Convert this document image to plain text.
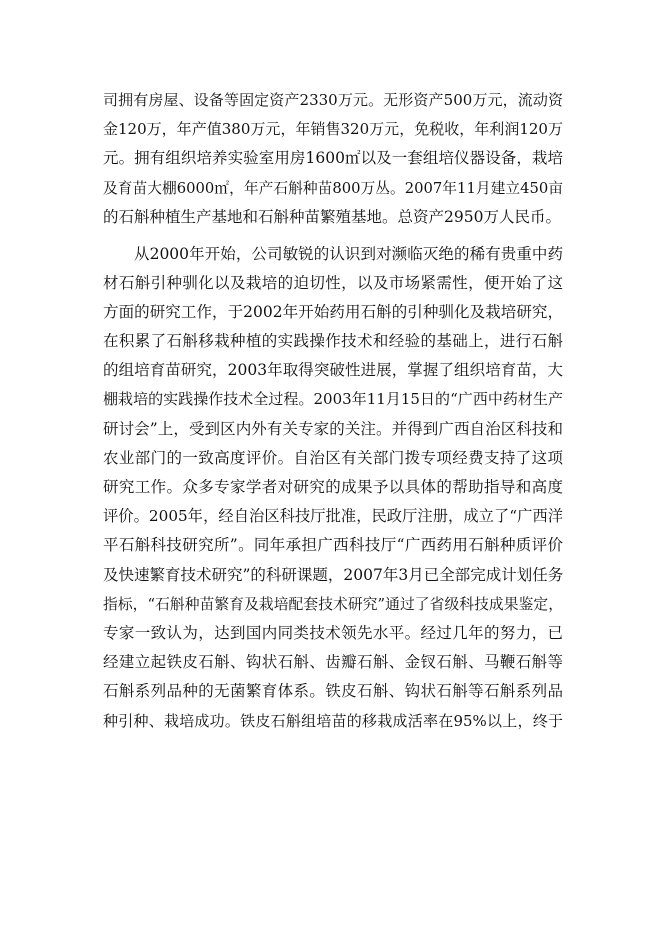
司拥有房屋、设备等固定资产2330万元。无形资产500万元，流动资
金120万，年产值380万元，年销售320万元，免税收，年利润120万
元。拥有组织培养实验室用房1600㎡以及一套组培仪器设备，栽培
及育苗大棚6000㎡，年产石斛种苗800万丛。2007年11月建立450亩
的石斛种植生产基地和石斛种苗繁殖基地。总资产2950万人民币。
从2000年开始，公司敏锐的认识到对濒临灭绝的稀有贵重中药
材石斛引种驯化以及栽培的迫切性，以及市场紧需性，便开始了这
方面的研究工作，于2002年开始药用石斛的引种驯化及栽培研究，
在积累了石斛移栽种植的实践操作技术和经验的基础上，进行石斛
的组培育苗研究，2003年取得突破性进展，掌握了组织培育苗，大
棚栽培的实践操作技术全过程。2003年11月15日的“广西中药材生产
研讨会”上，受到区内外有关专家的关注。并得到广西自治区科技和
农业部门的一致高度评价。自治区有关部门拨专项经费支持了这项
研究工作。众多专家学者对研究的成果予以具体的帮助指导和高度
评价。2005年，经自治区科技厅批准，民政厅注册，成立了“广西洋
平石斛科技研究所”。同年承担广西科技厅“广西药用石斛种质评价
及快速繁育技术研究”的科研课题，2007年3月已全部完成计划任务
指标，“石斛种苗繁育及栽培配套技术研究”通过了省级科技成果鉴定，
专家一致认为，达到国内同类技术领先水平。经过几年的努力，已
经建立起铁皮石斛、钩状石斛、齿瓣石斛、金钗石斛、马鞭石斛等
石斛系列品种的无菌繁育体系。铁皮石斛、钩状石斛等石斛系列品
种引种、栽培成功。铁皮石斛组培苗的移栽成活率在95%以上，终于
